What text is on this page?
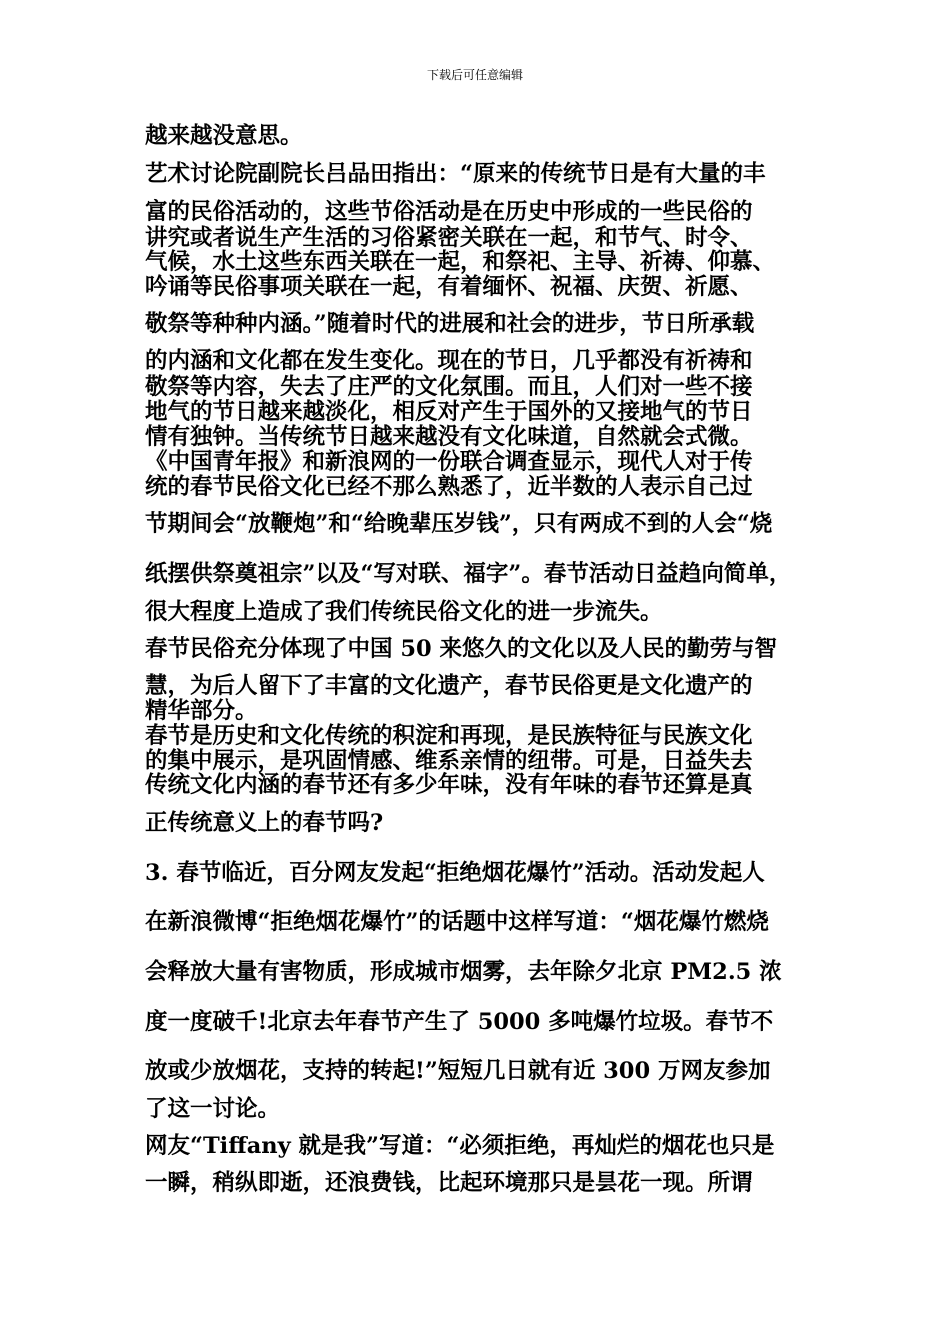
下载后可任意编辑
越来越没意思。
艺术讨论院副院长吕品田指出：“原来的传统节日是有大量的丰
富的民俗活动的，这些节俗活动是在历史中形成的一些民俗的
讲究或者说生产生活的习俗紧密关联在一起，和节气、时令、
气候，水土这些东西关联在一起，和祭祀、主导、祈祷、仰慕、
吟诵等民俗事项关联在一起，有着缅怀、祝福、庆贺、祈愿、
敬祭等种种内涵。”随着时代的进展和社会的进步，节日所承载
的内涵和文化都在发生变化。现在的节日，几乎都没有祈祷和
敬祭等内容，失去了庄严的文化氛围。而且，人们对一些不接
地气的节日越来越淡化，相反对产生于国外的又接地气的节日
情有独钟。当传统节日越来越没有文化味道，自然就会式微。
《中国青年报》和新浪网的一份联合调查显示，现代人对于传
统的春节民俗文化已经不那么熟悉了，近半数的人表示自己过
节期间会“放鞭炮”和“给晚辈压岁钱”，只有两成不到的人会“烧
纸摆供祭奠祖宗”以及“写对联、福字”。春节活动日益趋向简单，
很大程度上造成了我们传统民俗文化的进一步流失。
春节民俗充分体现了中国 50 来悠久的文化以及人民的勤劳与智
慧，为后人留下了丰富的文化遗产，春节民俗更是文化遗产的
精华部分。
春节是历史和文化传统的积淀和再现，是民族特征与民族文化
的集中展示，是巩固情感、维系亲情的纽带。可是，日益失去
传统文化内涵的春节还有多少年味，没有年味的春节还算是真
正传统意义上的春节吗?
3. 春节临近，百分网友发起“拒绝烟花爆竹”活动。活动发起人
在新浪微博“拒绝烟花爆竹”的话题中这样写道：“烟花爆竹燃烧
会释放大量有害物质，形成城市烟雾，去年除夕北京 PM2.5 浓
度一度破千!北京去年春节产生了 5000 多吨爆竹垃圾。春节不
放或少放烟花，支持的转起!”短短几日就有近 300 万网友参加
了这一讨论。
网友“Tiffany 就是我”写道：“必须拒绝，再灿烂的烟花也只是
一瞬，稍纵即逝，还浪费钱，比起环境那只是昙花一现。所谓
